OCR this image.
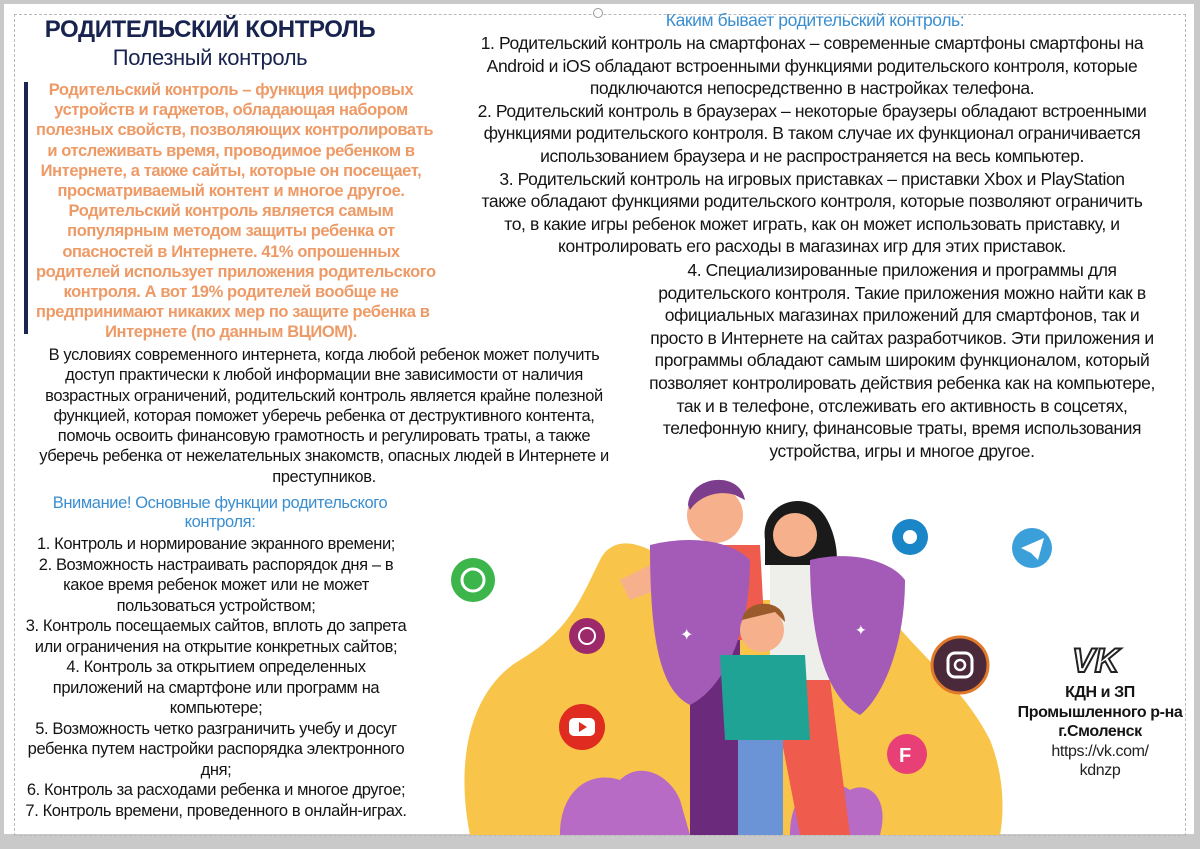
✦	✦
F
VK
РОДИТЕЛЬСКИЙ КОНТРОЛЬ
Полезный контроль
Родительский контроль – функция цифровых
устройств и гаджетов, обладающая набором
полезных свойств, позволяющих контролировать
и отслеживать время, проводимое ребенком в
Интернете, а также сайты, которые он посещает,
просматриваемый контент и многое другое.
Родительский контроль является самым
популярным методом защиты ребенка от
опасностей в Интернете. 41% опрошенных
родителей использует приложения родительского
контроля. А вот 19% родителей вообще не
предпринимают никаких мер по защите ребенка в
Интернете (по данным ВЦИОМ).
В условиях современного интернета, когда любой ребенок может получить
доступ практически к любой информации вне зависимости от наличия
возрастных ограничений, родительский контроль является крайне полезной
функцией, которая поможет уберечь ребенка от деструктивного контента,
помочь освоить финансовую грамотность и регулировать траты, а также
уберечь ребенка от нежелательных знакомств, опасных людей в Интернете и
преступников.
Внимание! Основные функции родительского
контроля:
1. Контроль и нормирование экранного времени;
2. Возможность настраивать распорядок дня – в
какое время ребенок может или не может
пользоваться устройством;
3. Контроль посещаемых сайтов, вплоть до запрета
или ограничения на открытие конкретных сайтов;
4. Контроль за открытием определенных
приложений на смартфоне или программ на
компьютере;
5. Возможность четко разграничить учебу и досуг
ребенка путем настройки распорядка электронного
дня;
6. Контроль за расходами ребенка и многое другое;
7. Контроль времени, проведенного в онлайн-играх.
Каким бывает родительский контроль:
1. Родительский контроль на смартфонах – современные смартфоны смартфоны на
Android и iOS обладают встроенными функциями родительского контроля, которые
подключаются непосредственно в настройках телефона.
2. Родительский контроль в браузерах – некоторые браузеры обладают встроенными
функциями родительского контроля. В таком случае их функционал ограничивается
использованием браузера и не распространяется на весь компьютер.
3. Родительский контроль на игровых приставках – приставки Xbox и PlayStation
также обладают функциями родительского контроля, которые позволяют ограничить
то, в какие игры ребенок может играть, как он может использовать приставку, и
контролировать его расходы в магазинах игр для этих приставок.
4. Специализированные приложения и программы для
родительского контроля. Такие приложения можно найти как в
официальных магазинах приложений для смартфонов, так и
просто в Интернете на сайтах разработчиков. Эти приложения и
программы обладают самым широким функционалом, который
позволяет контролировать действия ребенка как на компьютере,
так и в телефоне, отслеживать его активность в соцсетях,
телефонную книгу, финансовые траты, время использования
устройства, игры и многое другое.
КДН и ЗП
Промышленного р-на
г.Смоленск
https://vk.com/
kdnzp
